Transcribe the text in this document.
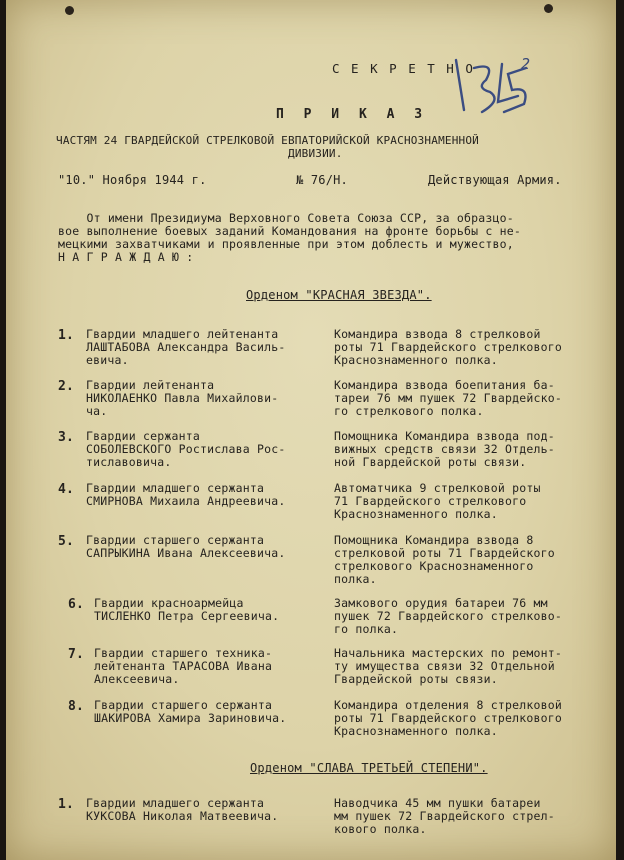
С Е К Р Е Т Н О	2
П Р И К А З
ЧАСТЯМ 24 ГВАРДЕЙСКОЙ СТРЕЛКОВОЙ ЕВПАТОРИЙСКОЙ КРАСНОЗНАМЕННОЙ
ДИВИЗИИ.
"10." Ноября 1944 г.	№ 76/Н.	Действующая Армия.
От имени Президиума Верховного Совета Союза ССР, за образцо-
вое выполнение боевых заданий Командования на фронте борьбы с не-
мецкими захватчиками и проявленные при этом доблесть и мужество,
Н А Г Р А Ж Д А Ю :
Орденом "КРАСНАЯ ЗВЕЗДА".
1. Гвардии младшего лейтенанта
ЛАШТАБОВА Александра Василь-
евича.
Командира взвода 8 стрелковой
роты 71 Гвардейского стрелкового
Краснознаменного полка.
2. Гвардии лейтенанта
НИКОЛАЕНКО Павла Михайлови-
ча.
Командира взвода боепитания ба-
тареи 76 мм пушек 72 Гвардейско-
го стрелкового полка.
3. Гвардии сержанта
СОБОЛЕВСКОГО Ростислава Рос-
тиславовича.
Помощника Командира взвода под-
вижных средств связи 32 Отдель-
ной Гвардейской роты связи.
4. Гвардии младшего сержанта
СМИРНОВА Михаила Андреевича.
Автоматчика 9 стрелковой роты
71 Гвардейского стрелкового
Краснознаменного полка.
5. Гвардии старшего сержанта
САПРЫКИНА Ивана Алексеевича.
Помощника Командира взвода 8
стрелковой роты 71 Гвардейского
стрелкового Краснознаменного
полка.
6. Гвардии красноармейца
ТИСЛЕНКО Петра Сергеевича.
Замкового орудия батареи 76 мм
пушек 72 Гвардейского стрелково-
го полка.
7. Гвардии старшего техника-
лейтенанта ТАРАСОВА Ивана
Алексеевича.
Начальника мастерских по ремонт-
ту имущества связи 32 Отдельной
Гвардейской роты связи.
8. Гвардии старшего сержанта
ШАКИРОВА Хамира Зариновича.
Командира отделения 8 стрелковой
роты 71 Гвардейского стрелкового
Краснознаменного полка.
Орденом "СЛАВА ТРЕТЬЕЙ СТЕПЕНИ".
1. Гвардии младшего сержанта
КУКСОВА Николая Матвеевича.
Наводчика 45 мм пушки батареи
мм пушек 72 Гвардейского стрел-
кового полка.
